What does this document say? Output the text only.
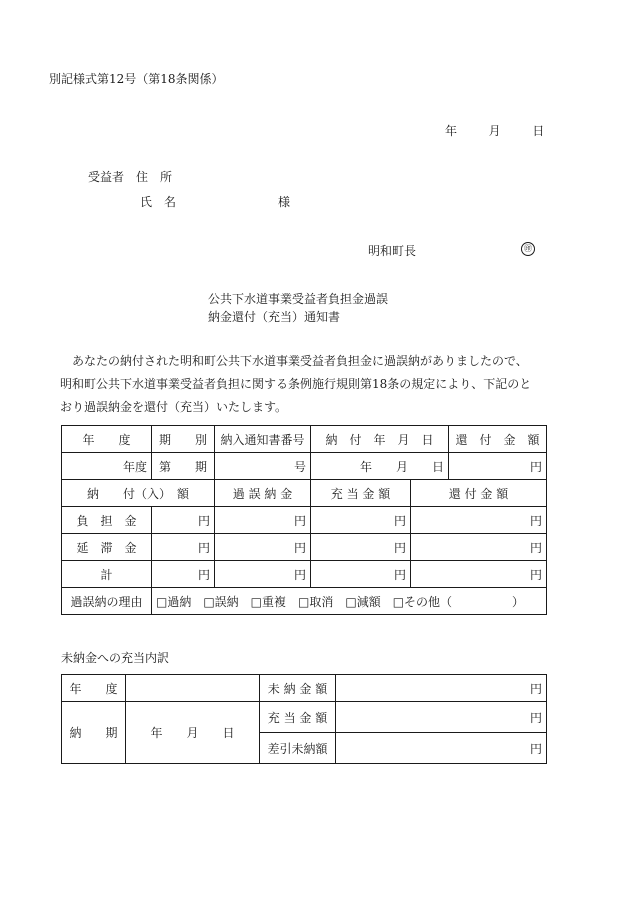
別記様式第12号（第18条関係）
年	月	日
受益者　住　所
氏　名	様
明和町長	㊞
公共下水道事業受益者負担金過誤
納金還付（充当）通知書

　あなたの納付された明和町公共下水道事業受益者負担金に過誤納がありましたので、

明和町公共下水道事業受益者負担に関する条例施行規則第18条の規定により、下記のと

おり過誤納金を還付（充当）いたします。

年　　度	期　　別	納入通知書番号	納　付　年　月　日		還　付　金　額
年度	第　　期	号	年　　月　　日		円
納　　付（入）　額		過 誤 納 金	充 当 金 額	還 付 金 額	
負　担　金	円	円	円	円	
延　滞　金	円	円	円	円	
計	円	円	円	円	
過誤納の理由	□過納　□誤納　□重複　□取消　□減額　□その他（　　　　　）				
未納金への充当内訳
年　　度		未 納 金 額	円
納　　期	年　　月　　日	充 当 金 額	円
		差引未納額	円
